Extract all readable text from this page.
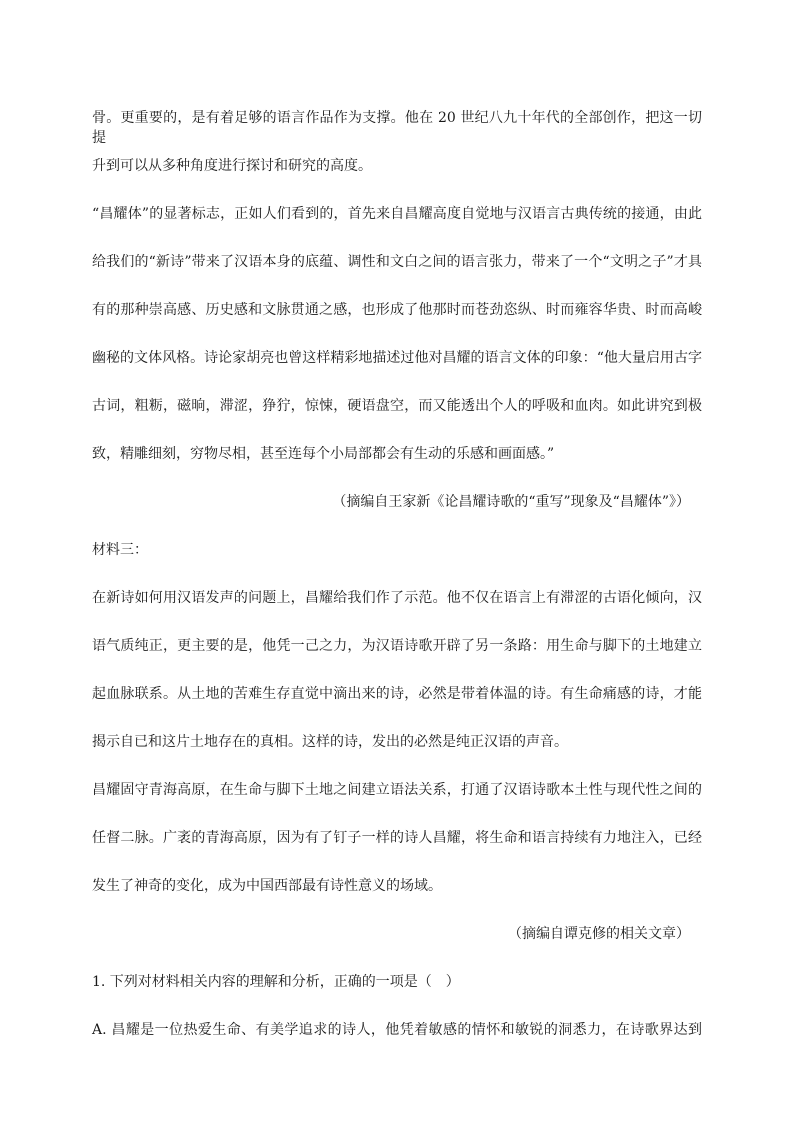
骨。更重要的，是有着足够的语言作品作为支撑。他在 20 世纪八九十年代的全部创作，把这一切提
升到可以从多种角度进行探讨和研究的高度。
“昌耀体”的显著标志，正如人们看到的，首先来自昌耀高度自觉地与汉语言古典传统的接通，由此
给我们的“新诗”带来了汉语本身的底蕴、调性和文白之间的语言张力，带来了一个“文明之子”才具
有的那种崇高感、历史感和文脉贯通之感，也形成了他那时而苍劲恣纵、时而雍容华贵、时而高峻
幽秘的文体风格。诗论家胡亮也曾这样精彩地描述过他对昌耀的语言文体的印象：“他大量启用古字
古词，粗粝，磁晌，滞涩，狰狞，惊悚，硬语盘空，而又能透出个人的呼吸和血肉。如此讲究到极
致，精雕细刻，穷物尽相，甚至连每个小局部都会有生动的乐感和画面感。”
（摘编自王家新《论昌耀诗歌的“重写”现象及“昌耀体”》）
材料三：
在新诗如何用汉语发声的问题上，昌耀给我们作了示范。他不仅在语言上有滞涩的古语化倾向，汉
语气质纯正，更主要的是，他凭一己之力，为汉语诗歌开辟了另一条路：用生命与脚下的土地建立
起血脉联系。从土地的苦难生存直觉中滴出来的诗，必然是带着体温的诗。有生命痛感的诗，才能
揭示自已和这片土地存在的真相。这样的诗，发出的必然是纯正汉语的声音。
昌耀固守青海高原，在生命与脚下土地之间建立语法关系，打通了汉语诗歌本土性与现代性之间的
任督二脉。广袤的青海高原，因为有了钉子一样的诗人昌耀，将生命和语言持续有力地注入，已经
发生了神奇的变化，成为中国西部最有诗性意义的场域。
（摘编自谭克修的相关文章）
1. 下列对材料相关内容的理解和分析，正确的一项是（　）
A. 昌耀是一位热爱生命、有美学追求的诗人，他凭着敏感的情怀和敏锐的洞悉力，在诗歌界达到
